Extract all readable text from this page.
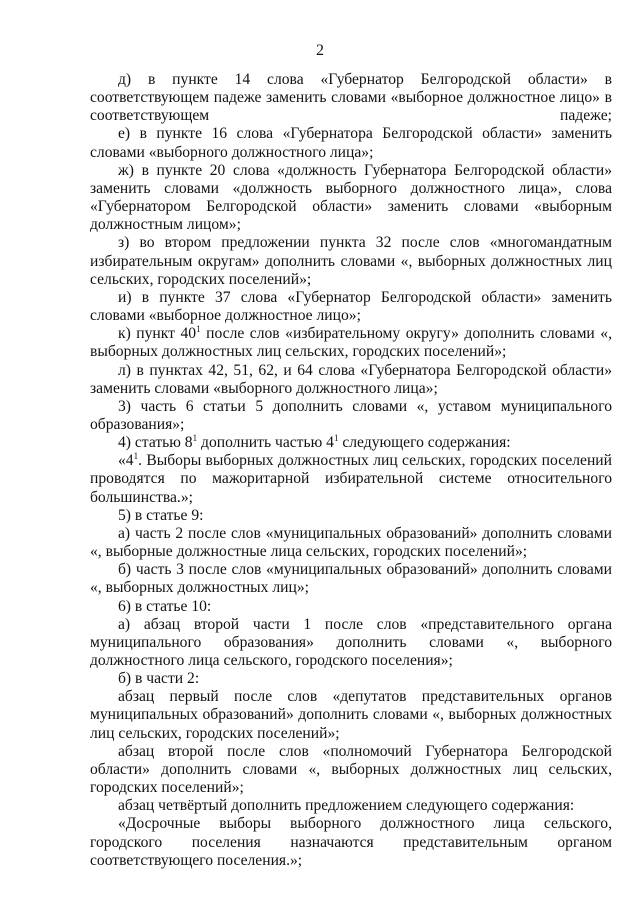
2

д) в пункте 14 слова «Губернатор Белгородской области» в соответствующем падеже заменить словами «выборное должностное лицо» в соответствующем падеже;

е) в пункте 16 слова «Губернатора Белгородской области» заменить словами «выборного должностного лица»;

ж) в пункте 20 слова «должность Губернатора Белгородской области» заменить словами «должность выборного должностного лица», слова «Губернатором Белгородской области» заменить словами «выборным должностным лицом»;

з) во втором предложении пункта 32 после слов «многомандатным избирательным округам» дополнить словами «, выборных должностных лиц сельских, городских поселений»;

и) в пункте 37 слова «Губернатор Белгородской области» заменить словами «выборное должностное лицо»;

к) пункт $40^1$ после слов «избирательному округу» дополнить словами «, выборных должностных лиц сельских, городских поселений»;

л) в пунктах 42, 51, 62, и 64 слова «Губернатора Белгородской области» заменить словами «выборного должностного лица»;

3) часть 6 статьи 5 дополнить словами «, уставом муниципального образования»;

4) статью $8^1$ дополнить частью $4^1$ следующего содержания:

«$4^1$. Выборы выборных должностных лиц сельских, городских поселений проводятся по мажоритарной избирательной системе относительного большинства.»;

5) в статье 9:

а) часть 2 после слов «муниципальных образований» дополнить словами «, выборные должностные лица сельских, городских поселений»;

б) часть 3 после слов «муниципальных образований» дополнить словами «, выборных должностных лиц»;

6) в статье 10:

а) абзац второй части 1 после слов «представительного органа муниципального образования» дополнить словами «, выборного должностного лица сельского, городского поселения»;

б) в части 2:

абзац первый после слов «депутатов представительных органов муниципальных образований» дополнить словами «, выборных должностных лиц сельских, городских поселений»;

абзац второй после слов «полномочий Губернатора Белгородской области» дополнить словами «, выборных должностных лиц сельских, городских поселений»;

абзац четвёртый дополнить предложением следующего содержания:

«Досрочные выборы выборного должностного лица сельского, городского поселения назначаются представительным органом соответствующего поселения.»;
